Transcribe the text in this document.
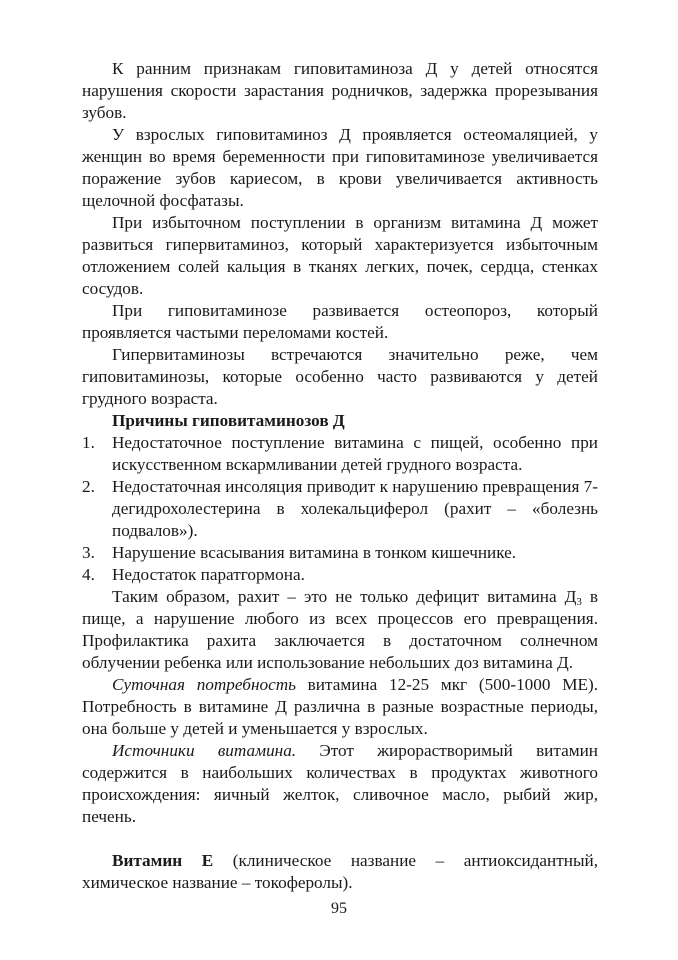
К ранним признакам гиповитаминоза Д у детей относятся нарушения скорости зарастания родничков, задержка прорезывания зубов.

У взрослых гиповитаминоз Д проявляется остеомаляцией, у женщин во время беременности при гиповитаминозе увеличивается поражение зубов кариесом, в крови увеличивается активность щелочной фосфатазы.

При избыточном поступлении в организм витамина Д может развиться гипервитаминоз, который характеризуется избыточным отложением солей кальция в тканях легких, почек, сердца, стенках сосудов.

При гиповитаминозе развивается остеопороз, который проявляется частыми переломами костей.

Гипервитаминозы встречаются значительно реже, чем гиповитаминозы, которые особенно часто развиваются у детей грудного возраста.

Причины гиповитаминозов Д

1. Недостаточное поступление витамина с пищей, особенно при искусственном вскармливании детей грудного возраста.
2. Недостаточная инсоляция приводит к нарушению превращения 7-дегидрохолестерина в холекальциферол (рахит – «болезнь подвалов»).
3. Нарушение всасывания витамина в тонком кишечнике.
4. Недостаток паратгормона.

Таким образом, рахит – это не только дефицит витамина $Д_3$ в пище, а нарушение любого из всех процессов его превращения. Профилактика рахита заключается в достаточном солнечном облучении ребенка или использование небольших доз витамина Д.

Суточная потребность витамина 12-25 мкг (500-1000 МЕ). Потребность в витамине Д различна в разные возрастные периоды, она больше у детей и уменьшается у взрослых.

Источники витамина. Этот жирорастворимый витамин содержится в наибольших количествах в продуктах животного происхождения: яичный желток, сливочное масло, рыбий жир, печень.

Витамин Е (клиническое название – антиоксидантный, химическое название – токоферолы).

95
